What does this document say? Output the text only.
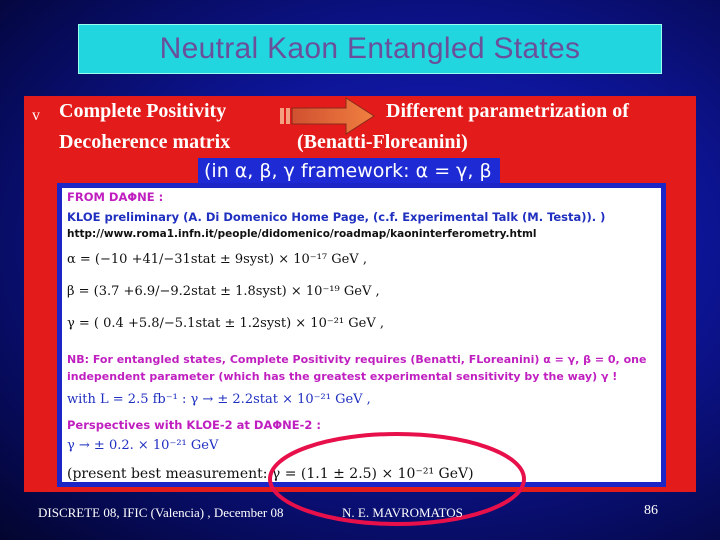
Neutral Kaon Entangled States
v Complete Positivity
Decoherence matrix
Different parametrization of
(Benatti-Floreanini)
(in α, β, γ framework: α = γ, β
FROM DAΦNE :
KLOE preliminary (A. Di Domenico Home Page, (c.f. Experimental Talk (M. Testa)). )
http://www.roma1.infn.it/people/didomenico/roadmap/kaoninterferometry.html
α = (−10 +41/−31stat ± 9syst) × 10⁻¹⁷ GeV ,
β = (3.7 +6.9/−9.2stat ± 1.8syst) × 10⁻¹⁹ GeV ,
γ = ( 0.4 +5.8/−5.1stat ± 1.2syst) × 10⁻²¹ GeV ,
NB: For entangled states, Complete Positivity requires (Benatti, FLoreanini) α = γ, β = 0, one
independent parameter (which has the greatest experimental sensitivity by the way) γ !
with L = 2.5 fb⁻¹ : γ → ± 2.2stat × 10⁻²¹ GeV ,
Perspectives with KLOE-2 at DAΦNE-2 :
γ → ± 0.2. × 10⁻²¹ GeV
(present best measurement: γ = (1.1 ± 2.5) × 10⁻²¹ GeV)
DISCRETE 08, IFIC (Valencia) , December 08	N. E. MAVROMATOS	86
